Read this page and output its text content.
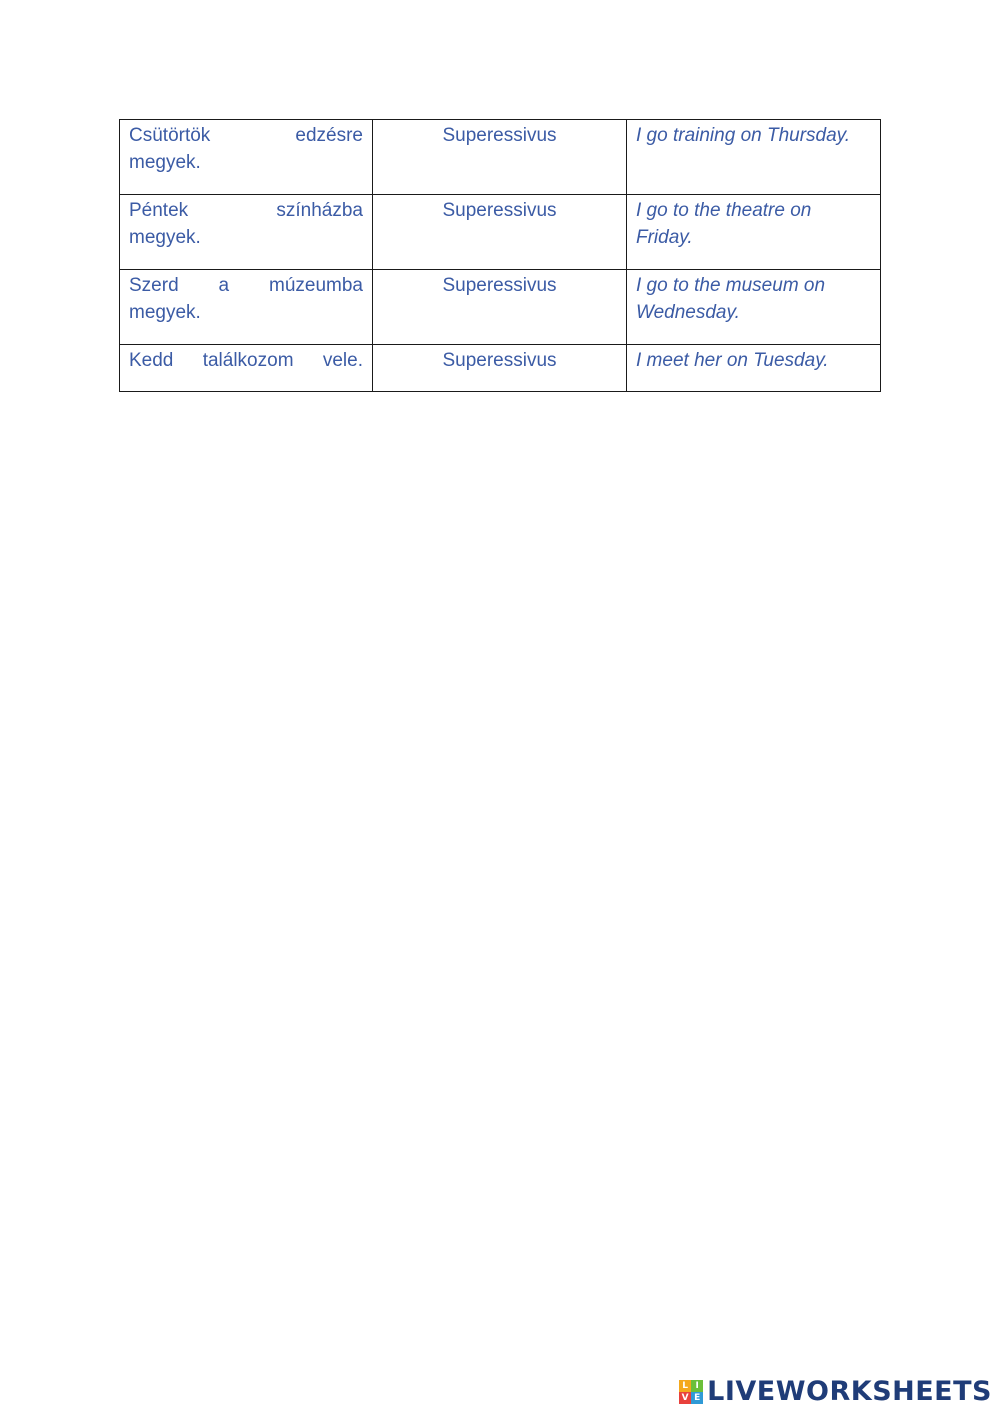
Csütörtök edzésre
megyek.	Superessivus	I go training on Thursday.

Péntek színházba
megyek.	Superessivus	I go to the theatre on Friday.

Szerd a múzeumba
megyek.	Superessivus	I go to the museum on Wednesday.

Kedd találkozom vele.	Superessivus	I meet her on Tuesday.
L I
V E LIVEWORKSHEETS
